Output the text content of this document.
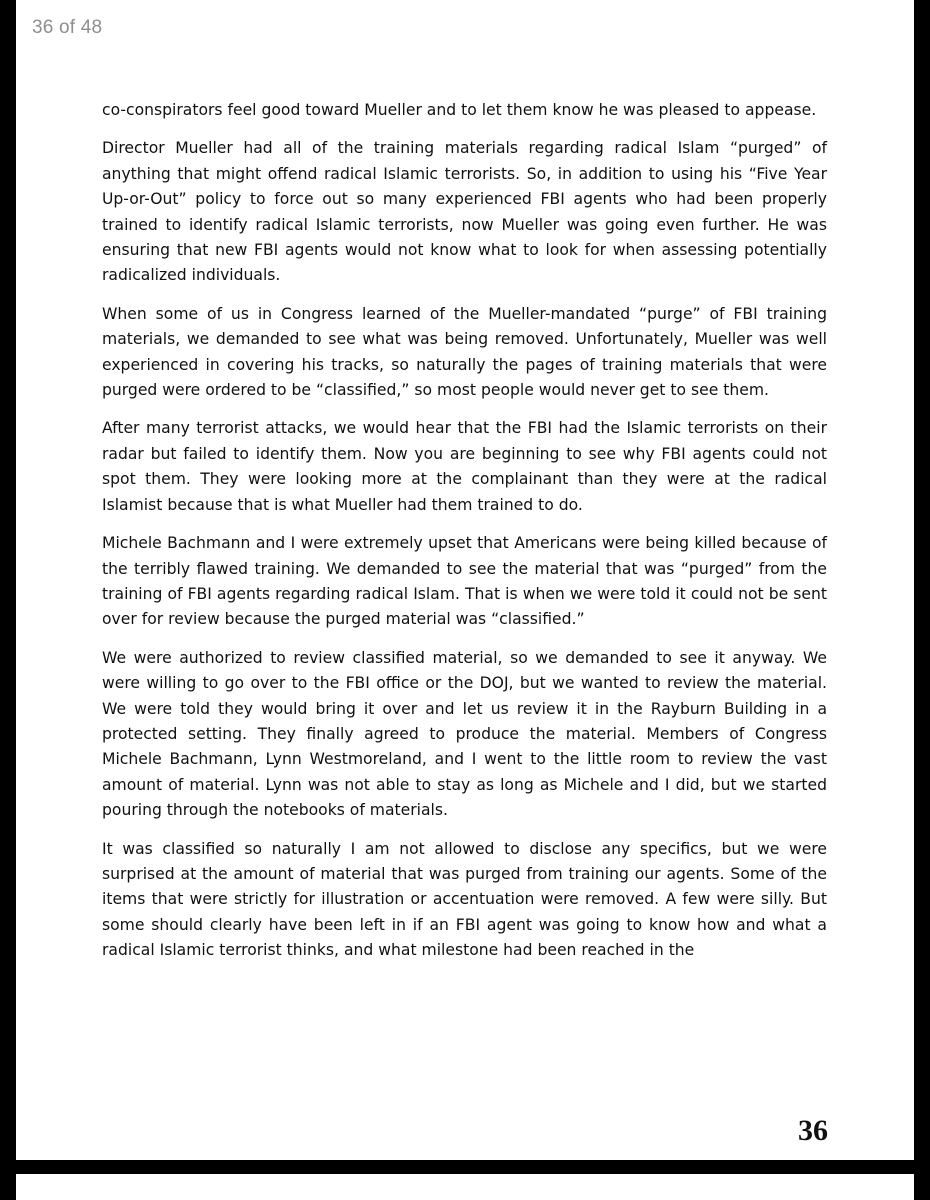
36 of 48

co-conspirators feel good toward Mueller and to let them know he was pleased to appease.

Director Mueller had all of the training materials regarding radical Islam “purged” of anything that might offend radical Islamic terrorists. So, in addition to using his “Five Year Up-or-Out” policy to force out so many experienced FBI agents who had been properly trained to identify radical Islamic terrorists, now Mueller was going even further. He was ensuring that new FBI agents would not know what to look for when assessing potentially radicalized individuals.

When some of us in Congress learned of the Mueller-mandated “purge” of FBI training materials, we demanded to see what was being removed. Unfortunately, Mueller was well experienced in covering his tracks, so naturally the pages of training materials that were purged were ordered to be “classified,” so most people would never get to see them.

After many terrorist attacks, we would hear that the FBI had the Islamic terrorists on their radar but failed to identify them. Now you are beginning to see why FBI agents could not spot them. They were looking more at the complainant than they were at the radical Islamist because that is what Mueller had them trained to do.

Michele Bachmann and I were extremely upset that Americans were being killed because of the terribly flawed training. We demanded to see the material that was “purged” from the training of FBI agents regarding radical Islam. That is when we were told it could not be sent over for review because the purged material was “classified.”

We were authorized to review classified material, so we demanded to see it anyway. We were willing to go over to the FBI office or the DOJ, but we wanted to review the material. We were told they would bring it over and let us review it in the Rayburn Building in a protected setting. They finally agreed to produce the material. Members of Congress Michele Bachmann, Lynn Westmoreland, and I went to the little room to review the vast amount of material. Lynn was not able to stay as long as Michele and I did, but we started pouring through the notebooks of materials.

It was classified so naturally I am not allowed to disclose any specifics, but we were surprised at the amount of material that was purged from training our agents. Some of the items that were strictly for illustration or accentuation were removed. A few were silly. But some should clearly have been left in if an FBI agent was going to know how and what a radical Islamic terrorist thinks, and what milestone had been reached in the

36
